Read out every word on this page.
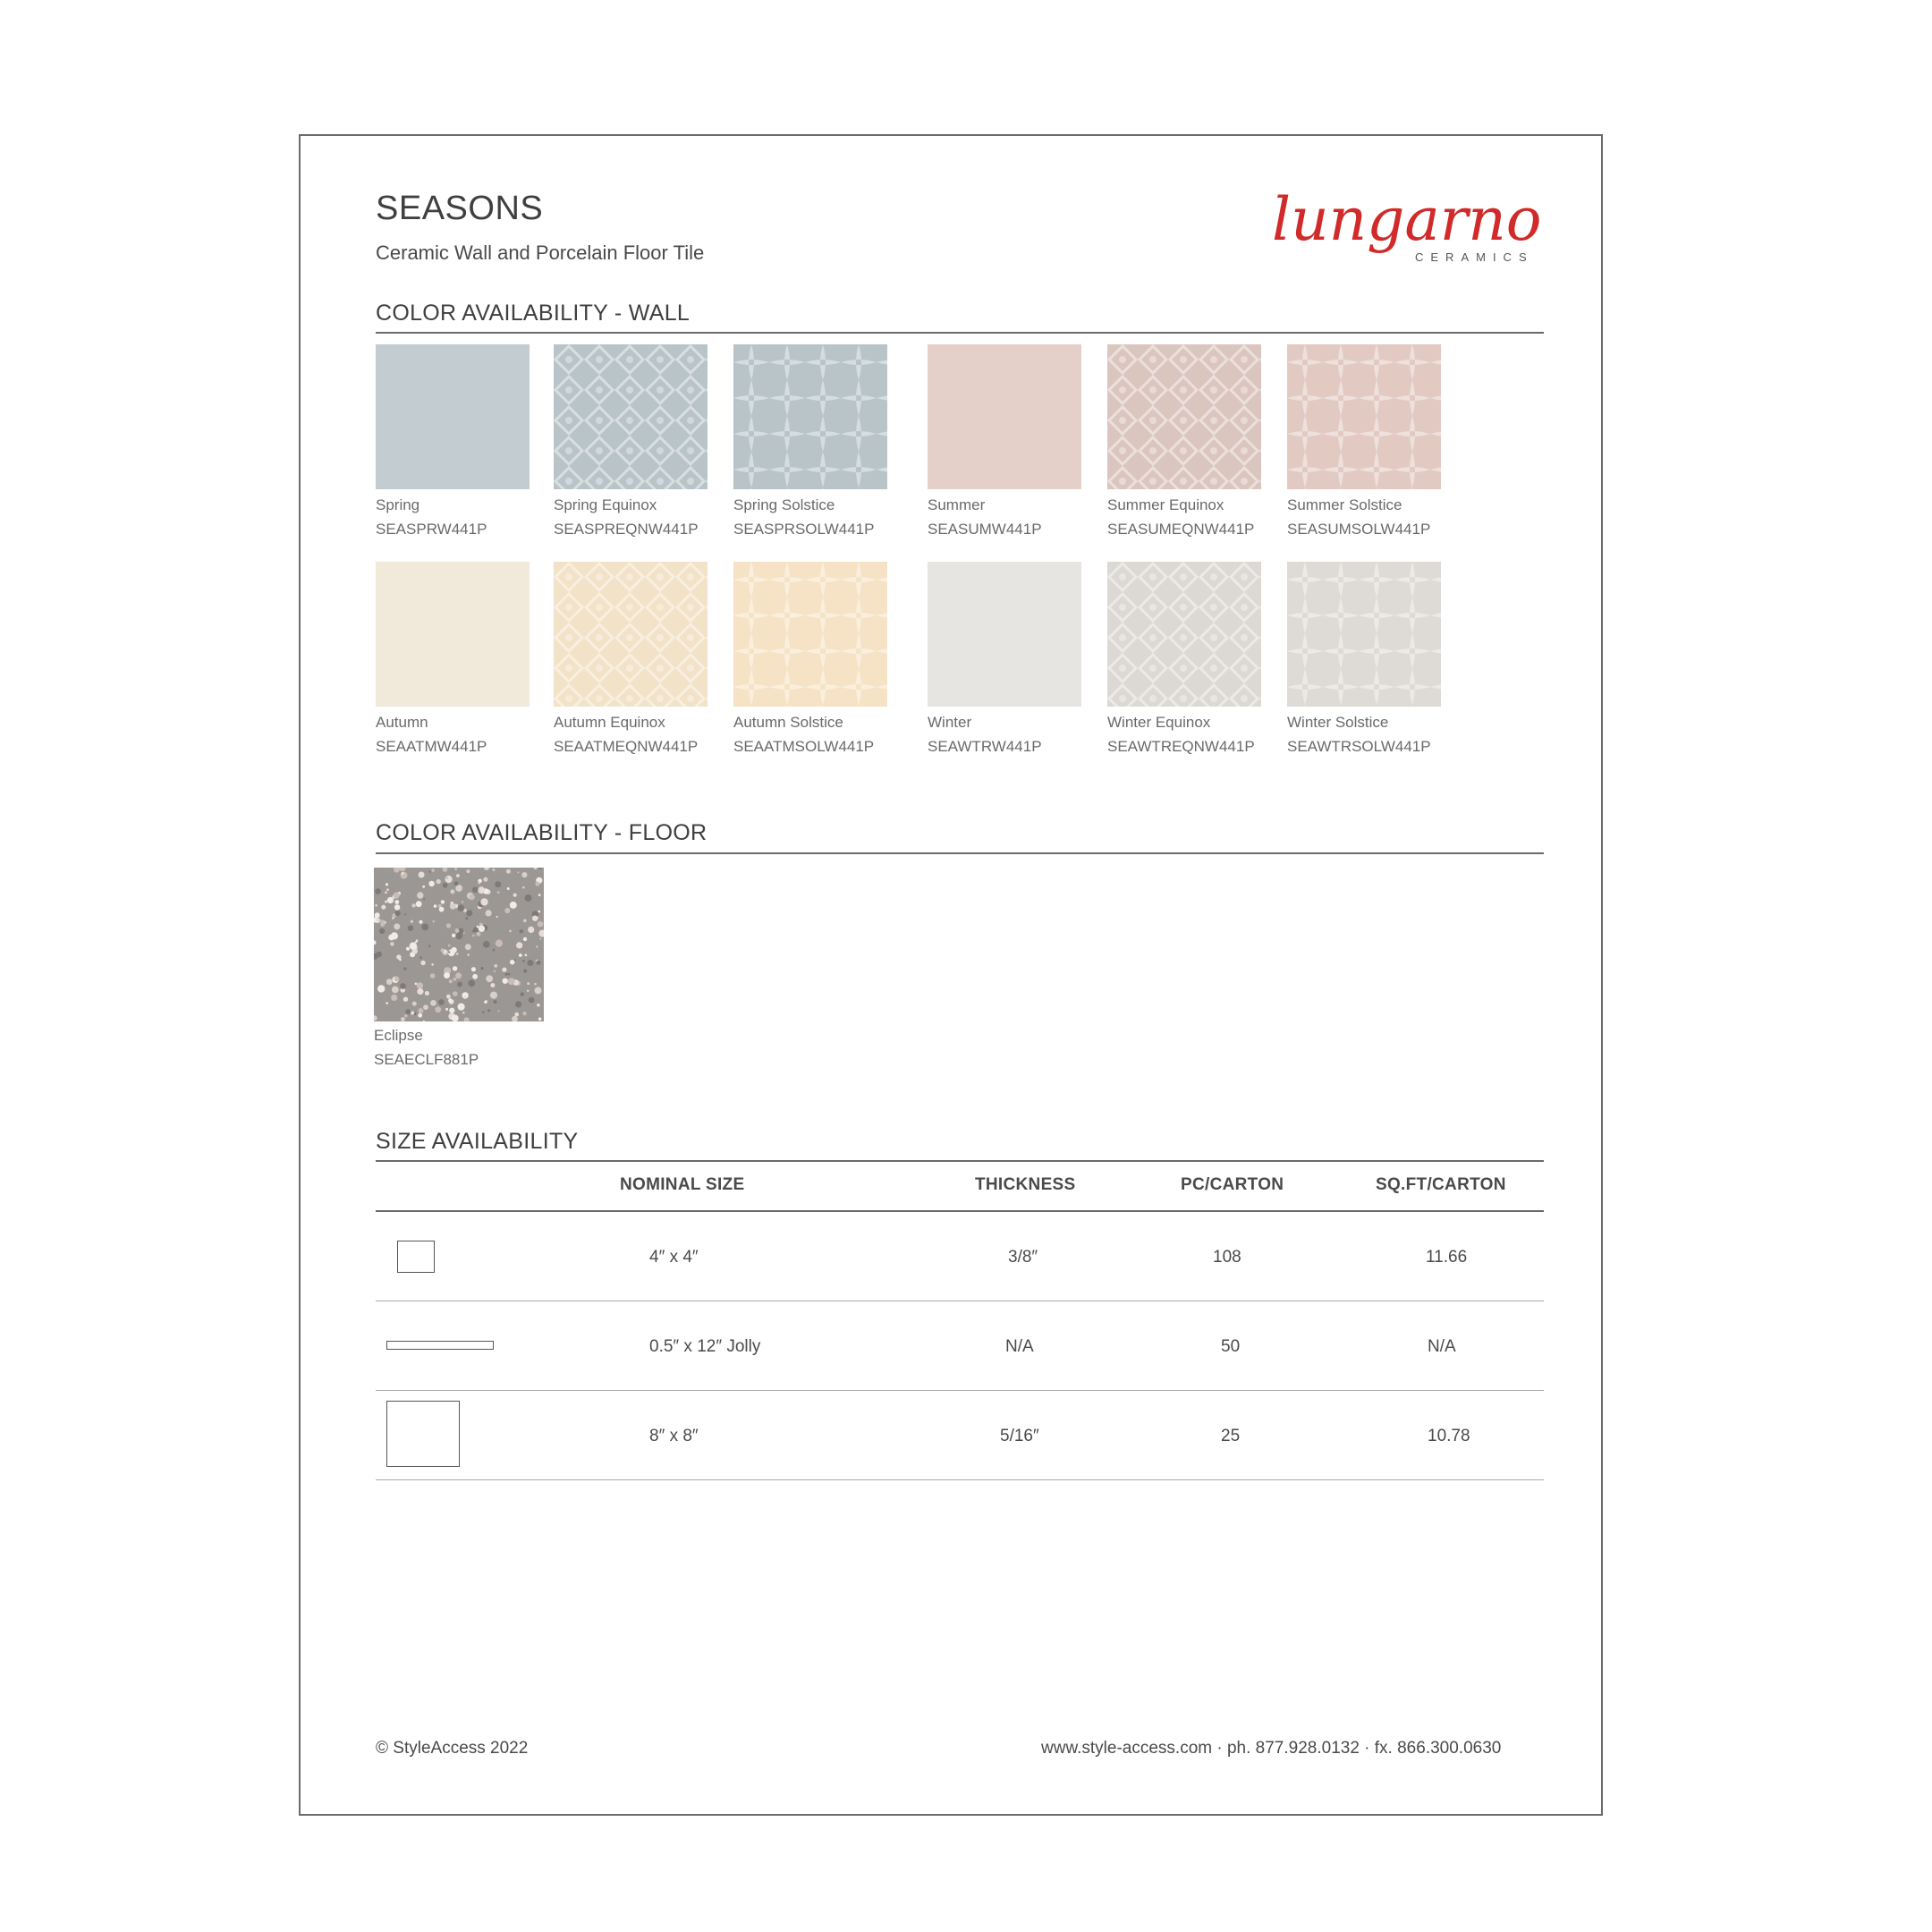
SEASONS
Ceramic Wall and Porcelain Floor Tile	lungarno
CERAMICS
COLOR AVAILABILITY - WALL
Spring
SEASPRW441P
Spring Equinox
SEASPREQNW441P
Spring Solstice
SEASPRSOLW441P
Summer
SEASUMW441P
Summer Equinox
SEASUMEQNW441P
Summer Solstice
SEASUMSOLW441P
Autumn
SEAATMW441P
Autumn Equinox
SEAATMEQNW441P
Autumn Solstice
SEAATMSOLW441P
Winter
SEAWTRW441P
Winter Equinox
SEAWTREQNW441P
Winter Solstice
SEAWTRSOLW441P
COLOR AVAILABILITY - FLOOR
Eclipse
SEAECLF881P
SIZE AVAILABILITY
NOMINAL SIZE	THICKNESS	PC/CARTON	SQ.FT/CARTON
4″ x 4″	3/8″	108	11.66
0.5″ x 12″ Jolly	N/A	50	N/A
8″ x 8″	5/16″	25	10.78
© StyleAccess 2022	www.style-access.com · ph. 877.928.0132 · fx. 866.300.0630
